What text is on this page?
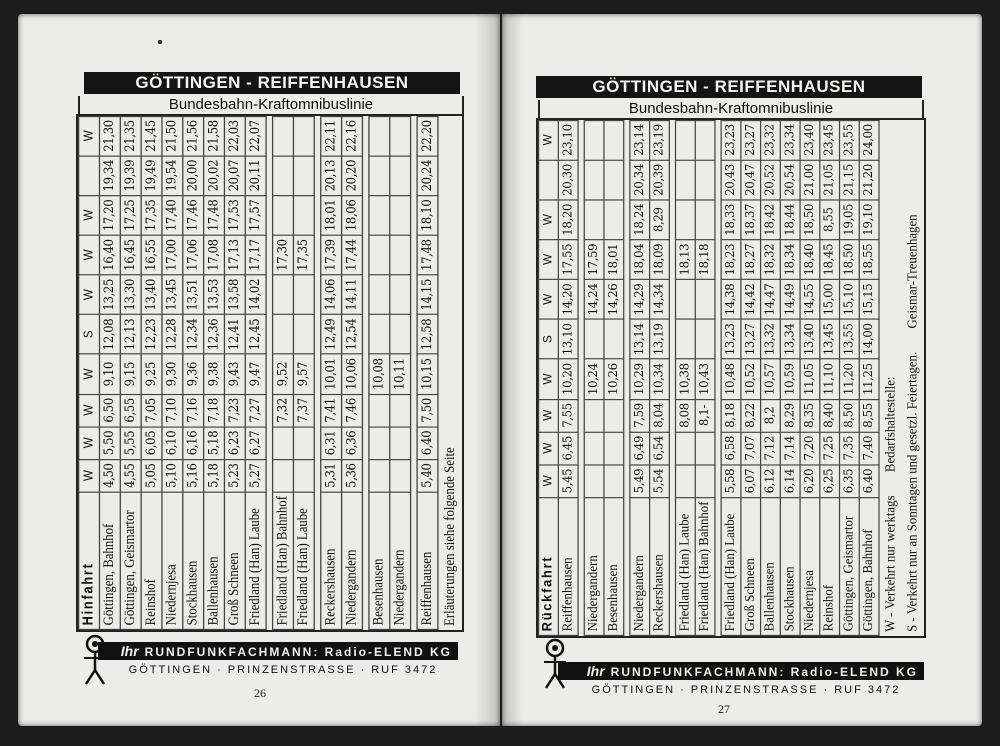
GÖTTINGEN - REIFFENHAUSEN
Bundesbahn-Kraftomnibuslinie
Hinfahrt	W	W	W	W	S	W	W	W		W
Göttingen, Bahnhof	4,50	5,50	6,50	9,10	12,08	13,25	16,40	17,20	19,34	21,30
Göttingen, Geismartor	4,55	5,55	6,55	9,15	12,13	13,30	16,45	17,25	19,39	21,35
Reinshof	5,05	6,05	7,05	9,25	12,23	13,40	16,55	17,35	19,49	21,45
Niedernjesa	5,10	6,10	7,10	9,30	12,28	13,45	17,00	17,40	19,54	21,50
Stockhausen	5,16	6,16	7,16	9,36	12,34	13,51	17,06	17,46	20,00	21,56
Ballenhausen	5,18	5,18	7,18	9,38	12,36	13,53	17,08	17,48	20,02	21,58
Groß Schneen	5,23	6,23	7,23	9,43	12,41	13,58	17,13	17,53	20,07	22,03
Friedland (Han) Laube	5,27	6,27	7,27	9,47	12,45	14,02	17,17	17,57	20,11	22,07

Friedland (Han) Bahnhof			7,32	9,52			17,30			
Friedland (Han) Laube			7,37	9,57			17,35			

Reckershausen	5,31	6,31	7,41	10,01	12,49	14,06	17,39	18,01	20,13	22,11
Niedergandern	5,36	6,36	7,46	10,06	12,54	14,11	17,44	18,06	20,20	22,16

Besenhausen				10,08						
Niedergandern				10,11						

Reiffenhausen	5,40	6,40	7,50	10,15	12,58	14,15	17,48	18,10	20,24	22,20
Erläuterungen siehe folgende Seite										
Ihr RUNDFUNKFACHMANN: Radio-ELEND KG
GÖTTINGEN · PRINZENSTRASSE · RUF 3472
26
GÖTTINGEN - REIFFENHAUSEN
Bundesbahn-Kraftomnibuslinie
Rückfahrt	W	W	W	W	S	W	W	W		W
Reiffenhausen	5,45	6,45	7,55	10,20	13,10	14,20	17,55	18,20	20,30	23,10

Niedergandern				10,24		14,24	17,59			
Besenhausen				10,26		14,26	18,01			

Niedergandern	5,49	6,49	7,59	10,29	13,14	14,29	18,04	18,24	20,34	23,14
Reckershausen	5,54	6,54	8,04	10,34	13,19	14,34	18,09	8,29	20,39	23,19

Friedland (Han) Laube			8,08	10,38			18,13			
Friedland (Han) Bahnhof			8,1-	10,43			18,18			

Friedland (Han) Laube	5,58	6,58	8,18	10,48	13,23	14,38	18,23	18,33	20,43	23,23
Groß Schneen	6,07	7,07	8,22	10,52	13,27	14,42	18,27	18,37	20,47	23,27
Ballenhausen	6,12	7,12	8,2	10,57	13,32	14,47	18,32	18,42	20,52	23,32
Stockhausen	6,14	7,14	8,29	10,59	13,34	14,49	18,34	18,44	20,54	23,34
Niedernjesa	6,20	7,20	8,35	11,05	13,40	14,55	18,40	18,50	21,00	23,40
Reinshof	6,25	7,25	8,40	11,10	13,45	15,00	18,45	8,55	21,05	23,45
Göttingen, Geismartor	6,35	7,35	8,50	11,20	13,55	15,10	18,50	19,05	21,15	23,55
Göttingen, Bahnhof	6,40	7,40	8,55	11,25	14,00	15,15	18,55	19,10	21,20	24,00
W - Verkehrt nur werktagsBedarfshaltestelle:										
S - Verkehrt nur an Sonntagen und gesetzl. Feiertagen.Geismar-Treuenhagen										
Ihr RUNDFUNKFACHMANN: Radio-ELEND KG
GÖTTINGEN · PRINZENSTRASSE · RUF 3472
27
